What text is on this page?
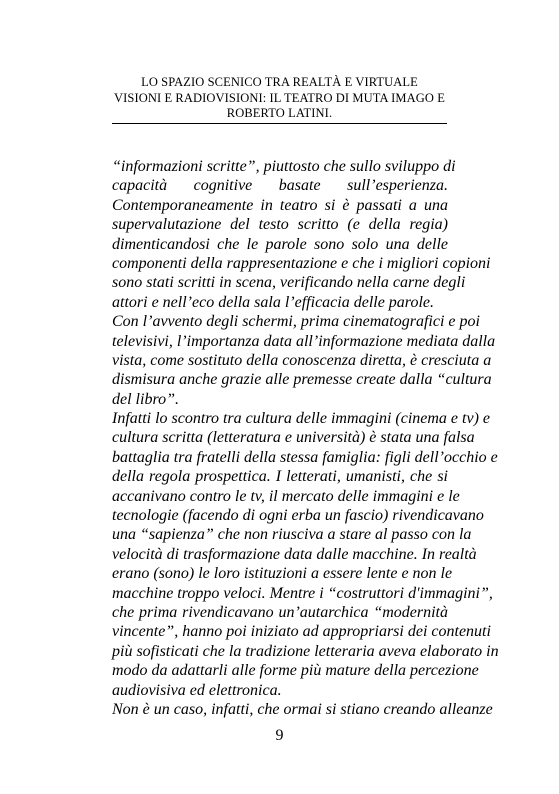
LO SPAZIO SCENICO TRA REALTÀ E VIRTUALE
VISIONI E RADIOVISIONI: IL TEATRO DI MUTA IMAGO E
ROBERTO LATINI.
“informazioni scritte”, piuttosto che sullo sviluppo di
capacità cognitive basate sull’esperienza.
Contemporaneamente in teatro si è passati a una
supervalutazione del testo scritto (e della regia)
dimenticandosi che le parole sono solo una delle
componenti della rappresentazione e che i migliori copioni
sono stati scritti in scena, verificando nella carne degli
attori e nell’eco della sala l’efficacia delle parole.
Con l’avvento degli schermi, prima cinematografici e poi
televisivi, l’importanza data all’informazione mediata dalla
vista, come sostituto della conoscenza diretta, è cresciuta a
dismisura anche grazie alle premesse create dalla “cultura
del libro”.
Infatti lo scontro tra cultura delle immagini (cinema e tv) e
cultura scritta (letteratura e università) è stata una falsa
battaglia tra fratelli della stessa famiglia: figli dell’occhio e
della regola prospettica. I letterati, umanisti, che si
accanivano contro le tv, il mercato delle immagini e le
tecnologie (facendo di ogni erba un fascio) rivendicavano
una “sapienza” che non riusciva a stare al passo con la
velocità di trasformazione data dalle macchine. In realtà
erano (sono) le loro istituzioni a essere lente e non le
macchine troppo veloci. Mentre i “costruttori d'immagini”,
che prima rivendicavano un’autarchica “modernità
vincente”, hanno poi iniziato ad appropriarsi dei contenuti
più sofisticati che la tradizione letteraria aveva elaborato in
modo da adattarli alle forme più mature della percezione
audiovisiva ed elettronica.
Non è un caso, infatti, che ormai si stiano creando alleanze
9
